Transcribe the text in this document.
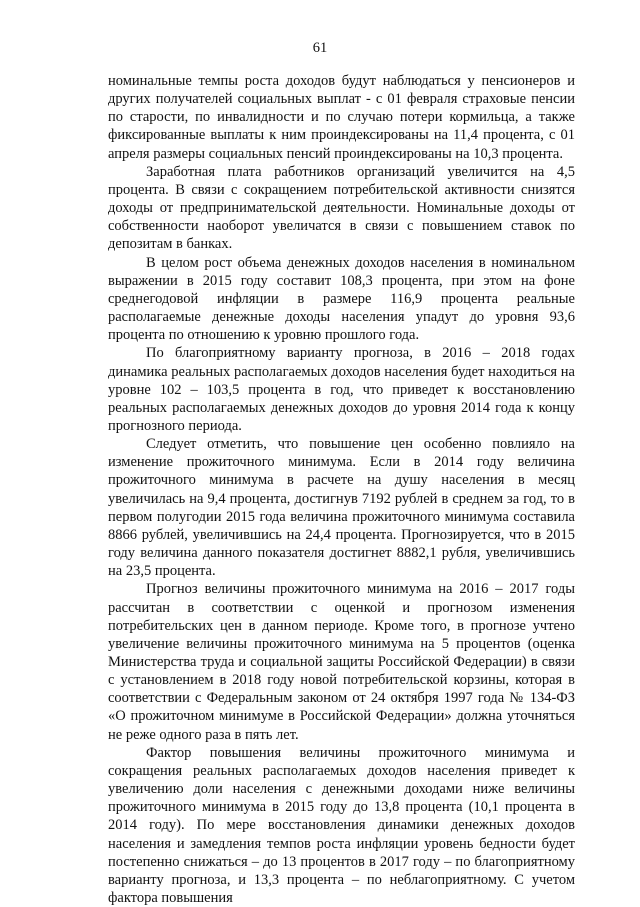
61

номинальные темпы роста доходов будут наблюдаться у пенсионеров и других получателей социальных выплат - с 01 февраля страховые пенсии по старости, по инвалидности и по случаю потери кормильца, а также фиксированные выплаты к ним проиндексированы на 11,4 процента, с 01 апреля размеры социальных пенсий проиндексированы на 10,3 процента.

Заработная плата работников организаций увеличится на 4,5 процента. В связи с сокращением потребительской активности снизятся доходы от предпринимательской деятельности. Номинальные доходы от собственности наоборот увеличатся в связи с повышением ставок по депозитам в банках.

В целом рост объема денежных доходов населения в номинальном выражении в 2015 году составит 108,3 процента, при этом на фоне среднегодовой инфляции в размере 116,9 процента реальные располагаемые денежные доходы населения упадут до уровня 93,6 процента по отношению к уровню прошлого года.

По благоприятному варианту прогноза, в 2016 – 2018 годах динамика реальных располагаемых доходов населения будет находиться на уровне 102 – 103,5 процента в год, что приведет к восстановлению реальных располагаемых денежных доходов до уровня 2014 года к концу прогнозного периода.

Следует отметить, что повышение цен особенно повлияло на изменение прожиточного минимума. Если в 2014 году величина прожиточного минимума в расчете на душу населения в месяц увеличилась на 9,4 процента, достигнув 7192 рублей в среднем за год, то в первом полугодии 2015 года величина прожиточного минимума составила 8866 рублей, увеличившись на 24,4 процента. Прогнозируется, что в 2015 году величина данного показателя достигнет 8882,1 рубля, увеличившись на 23,5 процента.

Прогноз величины прожиточного минимума на 2016 – 2017 годы рассчитан в соответствии с оценкой и прогнозом изменения потребительских цен в данном периоде. Кроме того, в прогнозе учтено увеличение величины прожиточного минимума на 5 процентов (оценка Министерства труда и социальной защиты Российской Федерации) в связи с установлением в 2018 году новой потребительской корзины, которая в соответствии с Федеральным законом от 24 октября 1997 года № 134-ФЗ «О прожиточном минимуме в Российской Федерации» должна уточняться не реже одного раза в пять лет.

Фактор повышения величины прожиточного минимума и сокращения реальных располагаемых доходов населения приведет к увеличению доли населения с денежными доходами ниже величины прожиточного минимума в 2015 году до 13,8 процента (10,1 процента в 2014 году). По мере восстановления динамики денежных доходов населения и замедления темпов роста инфляции уровень бедности будет постепенно снижаться – до 13 процентов в 2017 году – по благоприятному варианту прогноза, и 13,3 процента – по неблагоприятному. С учетом фактора повышения
